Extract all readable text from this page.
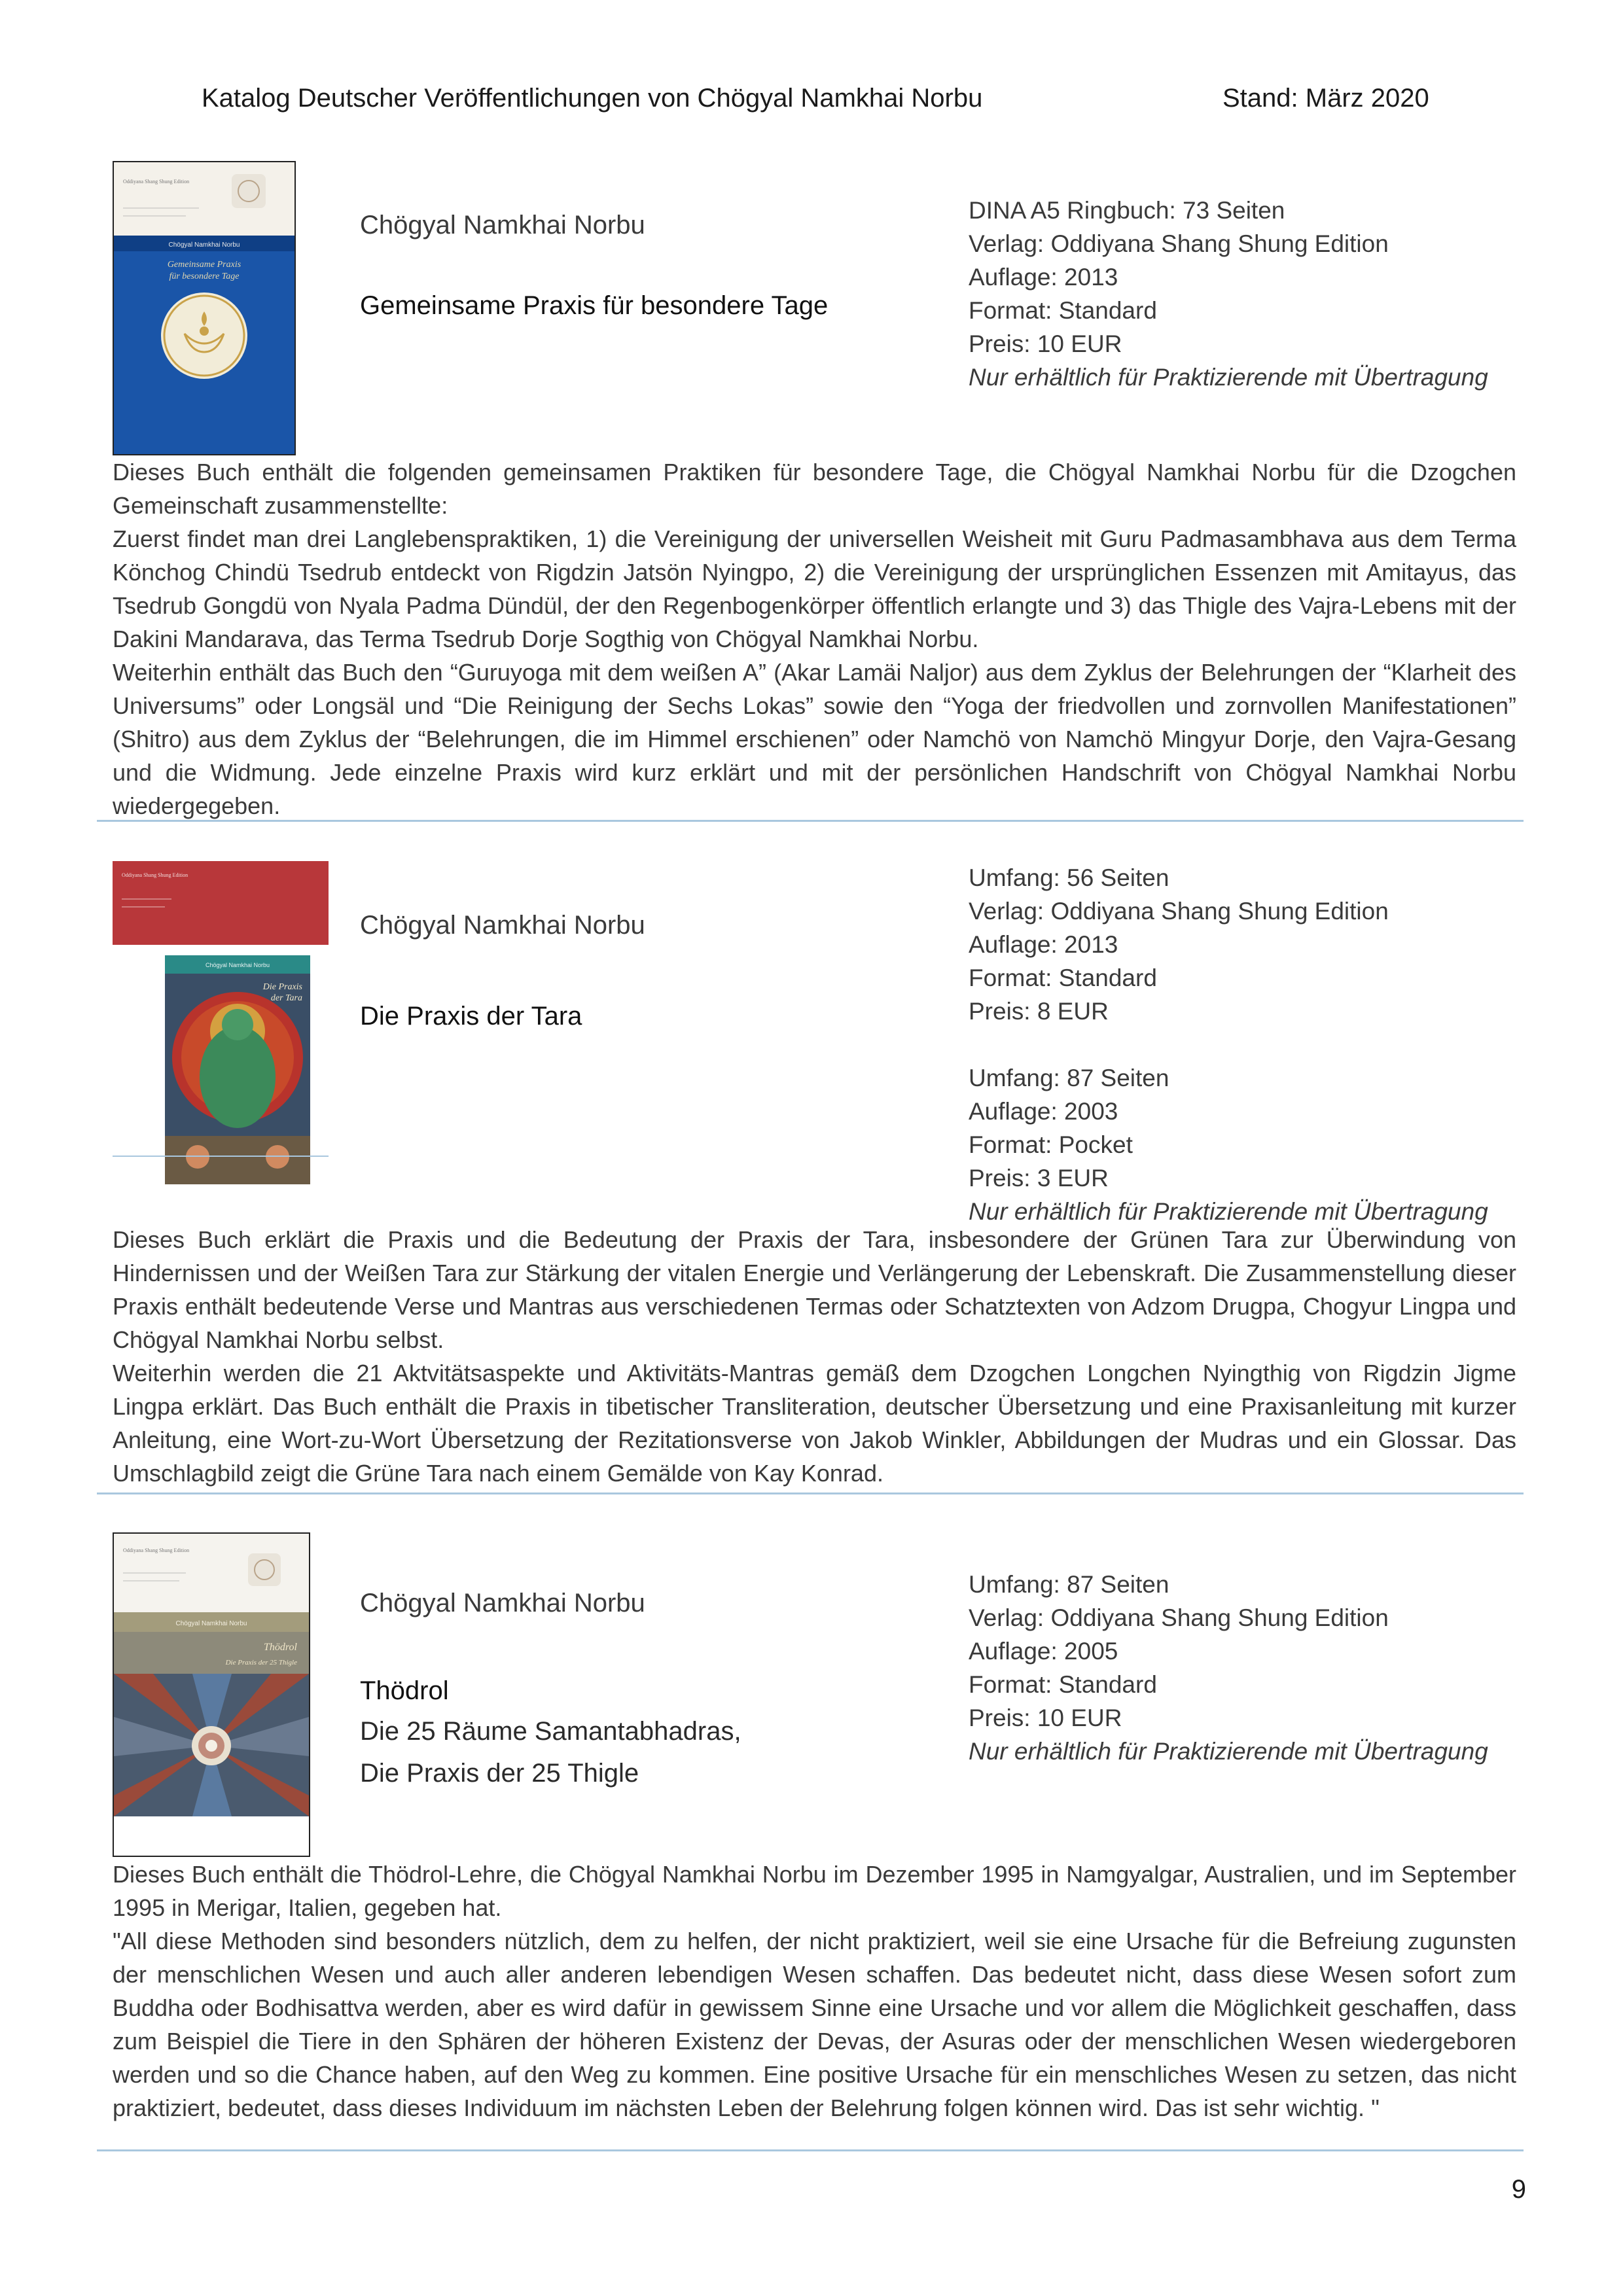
Katalog Deutscher Veröffentlichungen von Chögyal Namkhai Norbu	Stand: März 2020
Oddiyana Shang Shung Edition
Chögyal Namkhai Norbu
Gemeinsame Praxis
für besondere Tage
Chögyal Namkhai Norbu
Gemeinsame Praxis für besondere Tage
DINA A5 Ringbuch: 73 Seiten
Verlag: Oddiyana Shang Shung Edition
Auflage: 2013
Format: Standard
Preis: 10 EUR
Nur erhältlich für Praktizierende mit Übertragung

Dieses Buch enthält die folgenden gemeinsamen Praktiken für besondere Tage, die Chögyal Namkhai Norbu für die Dzogchen Gemeinschaft zusammenstellte:

Zuerst findet man drei Langlebenspraktiken, 1) die Vereinigung der universellen Weisheit mit Guru Padmasambhava aus dem Terma Könchog Chindü Tsedrub entdeckt von Rigdzin Jatsön Nyingpo, 2) die Vereinigung der ursprünglichen Essenzen mit Amitayus, das Tsedrub Gongdü von Nyala Padma Dündül, der den Regenbogenkörper öffentlich erlangte und 3) das Thigle des Vajra-Lebens mit der Dakini Mandarava, das Terma Tsedrub Dorje Sogthig von Chögyal Namkhai Norbu.

Weiterhin enthält das Buch den “Guruyoga mit dem weißen A” (Akar Lamäi Naljor) aus dem Zyklus der Belehrungen der “Klarheit des Universums” oder Longsäl und “Die Reinigung der Sechs Lokas” sowie den “Yoga der friedvollen und zornvollen Manifestationen” (Shitro) aus dem Zyklus der “Belehrungen, die im Himmel erschienen” oder Namchö von Namchö Mingyur Dorje, den Vajra-Gesang und die Widmung. Jede einzelne Praxis wird kurz erklärt und mit der persönlichen Handschrift von Chögyal Namkhai Norbu wiedergegeben.

Oddiyana Shang Shung Edition
Chögyal Namkhai Norbu
Die Praxis
der Tara
Chögyal Namkhai Norbu
Die Praxis der Tara
Umfang: 56 Seiten
Verlag: Oddiyana Shang Shung Edition
Auflage: 2013
Format: Standard
Preis: 8 EUR
Umfang: 87 Seiten
Auflage: 2003
Format: Pocket
Preis: 3 EUR
Nur erhältlich für Praktizierende mit Übertragung

Dieses Buch erklärt die Praxis und die Bedeutung der Praxis der Tara, insbesondere der Grünen Tara zur Überwindung von Hindernissen und der Weißen Tara zur Stärkung der vitalen Energie und Verlängerung der Lebenskraft. Die Zusammenstellung dieser Praxis enthält bedeutende Verse und Mantras aus verschiedenen Termas oder Schatztexten von Adzom Drugpa, Chogyur Lingpa und Chögyal Namkhai Norbu selbst.

Weiterhin werden die 21 Aktvitätsaspekte und Aktivitäts-Mantras gemäß dem Dzogchen Longchen Nyingthig von Rigdzin Jigme Lingpa erklärt. Das Buch enthält die Praxis in tibetischer Transliteration, deutscher Übersetzung und eine Praxisanleitung mit kurzer Anleitung, eine Wort-zu-Wort Übersetzung der Rezitationsverse von Jakob Winkler, Abbildungen der Mudras und ein Glossar. Das Umschlagbild zeigt die Grüne Tara nach einem Gemälde von Kay Konrad.

Oddiyana Shang Shung Edition
Chögyal Namkhai Norbu
Thödrol
Die Praxis der 25 Thigle
Chögyal Namkhai Norbu
Thödrol
Die 25 Räume Samantabhadras,
Die Praxis der 25 Thigle
Umfang: 87 Seiten
Verlag: Oddiyana Shang Shung Edition
Auflage: 2005
Format: Standard
Preis: 10 EUR
Nur erhältlich für Praktizierende mit Übertragung

Dieses Buch enthält die Thödrol-Lehre, die Chögyal Namkhai Norbu im Dezember 1995 in Namgyalgar, Australien, und im September 1995 in Merigar, Italien, gegeben hat.

"All diese Methoden sind besonders nützlich, dem zu helfen, der nicht praktiziert, weil sie eine Ursache für die Befreiung zugunsten der menschlichen Wesen und auch aller anderen lebendigen Wesen schaffen. Das bedeutet nicht, dass diese Wesen sofort zum Buddha oder Bodhisattva werden, aber es wird dafür in gewissem Sinne eine Ursache und vor allem die Möglichkeit geschaffen, dass zum Beispiel die Tiere in den Sphären der höheren Existenz der Devas, der Asuras oder der menschlichen Wesen wiedergeboren werden und so die Chance haben, auf den Weg zu kommen. Eine positive Ursache für ein menschliches Wesen zu setzen, das nicht praktiziert, bedeutet, dass dieses Individuum im nächsten Leben der Belehrung folgen können wird. Das ist sehr wichtig. "

9
